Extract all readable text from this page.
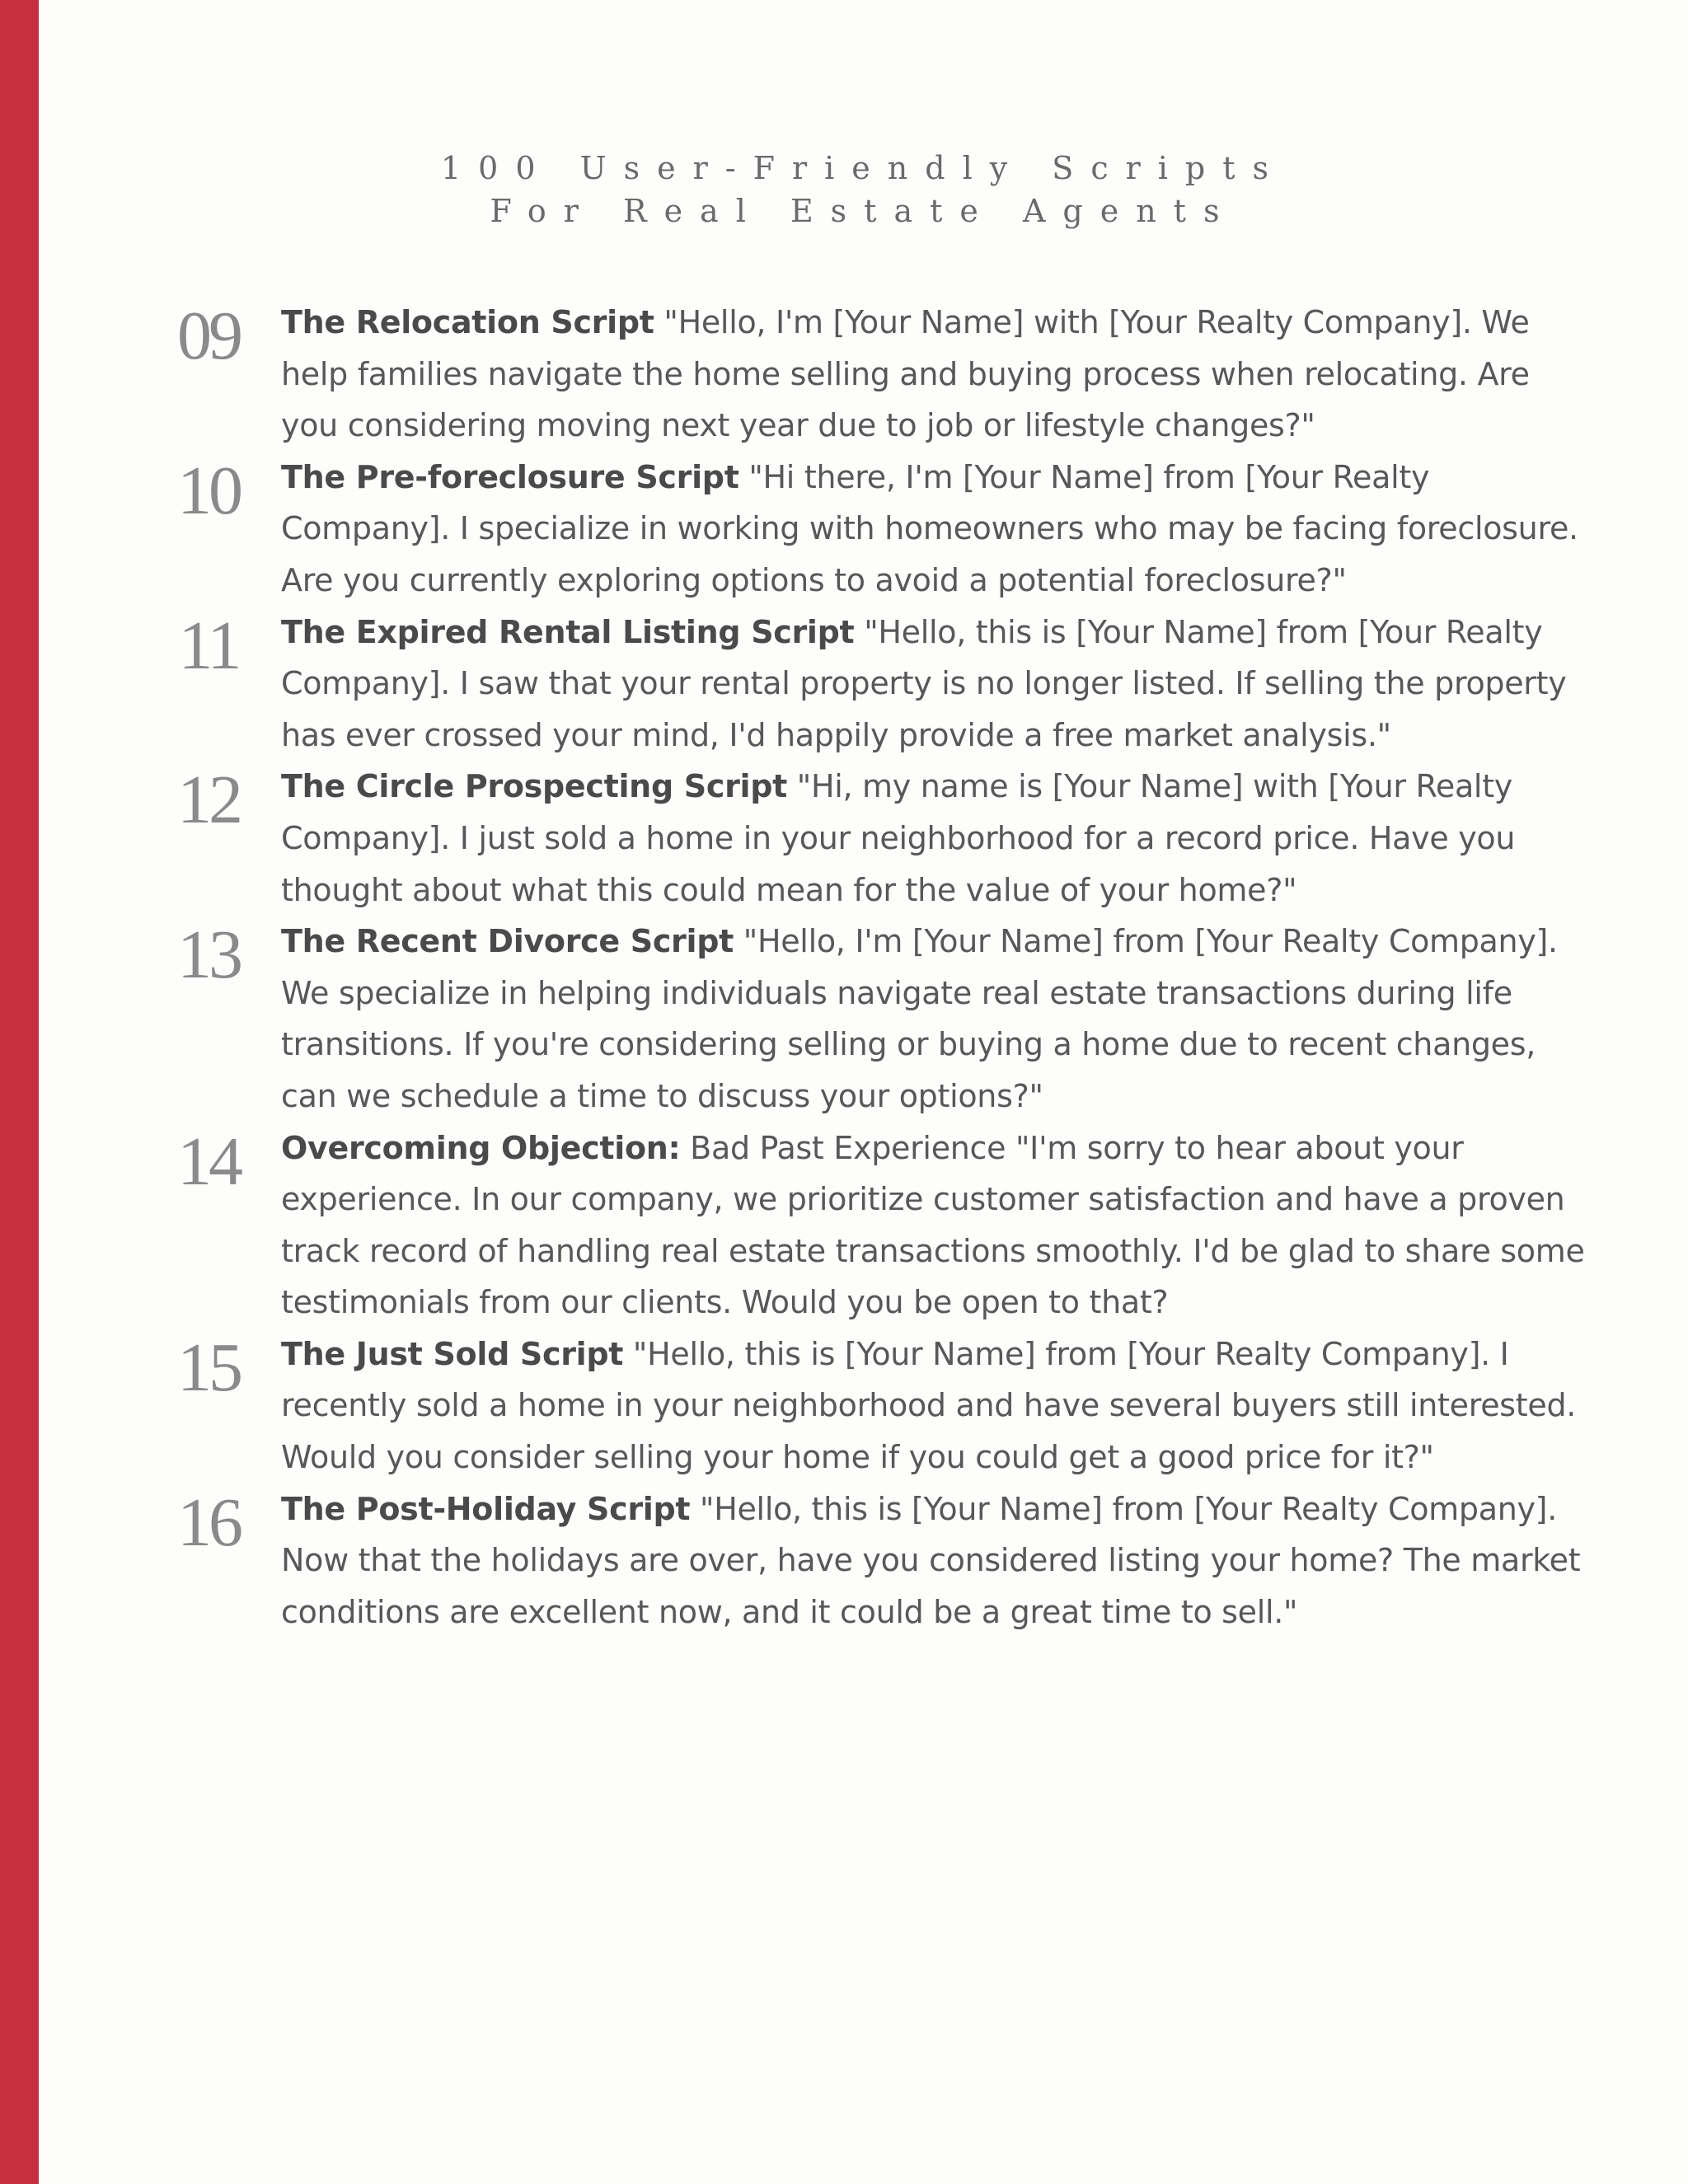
100 User-Friendly Scripts
For Real Estate Agents
09 The Relocation Script "Hello, I'm [Your Name] with [Your Realty Company]. We help families navigate the home selling and buying process when relocating. Are you considering moving next year due to job or lifestyle changes?"
10 The Pre-foreclosure Script "Hi there, I'm [Your Name] from [Your Realty Company]. I specialize in working with homeowners who may be facing foreclosure. Are you currently exploring options to avoid a potential foreclosure?"
11	The Expired Rental Listing Script "Hello, this is [Your Name] from [Your Realty Company]. I saw that your rental property is no longer listed. If selling the property has ever crossed your mind, I'd happily provide a free market analysis."
12 The Circle Prospecting Script "Hi, my name is [Your Name] with [Your Realty Company]. I just sold a home in your neighborhood for a record price. Have you thought about what this could mean for the value of your home?"
13 The Recent Divorce Script "Hello, I'm [Your Name] from [Your Realty Company]. We specialize in helping individuals navigate real estate transactions during life transitions. If you're considering selling or buying a home due to recent changes, can we schedule a time to discuss your options?"
14 Overcoming Objection: Bad Past Experience "I'm sorry to hear about your experience. In our company, we prioritize customer satisfaction and have a proven track record of handling real estate transactions smoothly. I'd be glad to share some testimonials from our clients. Would you be open to that?
15 The Just Sold Script "Hello, this is [Your Name] from [Your Realty Company]. I recently sold a home in your neighborhood and have several buyers still interested. Would you consider selling your home if you could get a good price for it?"
16 The Post-Holiday Script "Hello, this is [Your Name] from [Your Realty Company]. Now that the holidays are over, have you considered listing your home? The market conditions are excellent now, and it could be a great time to sell."
